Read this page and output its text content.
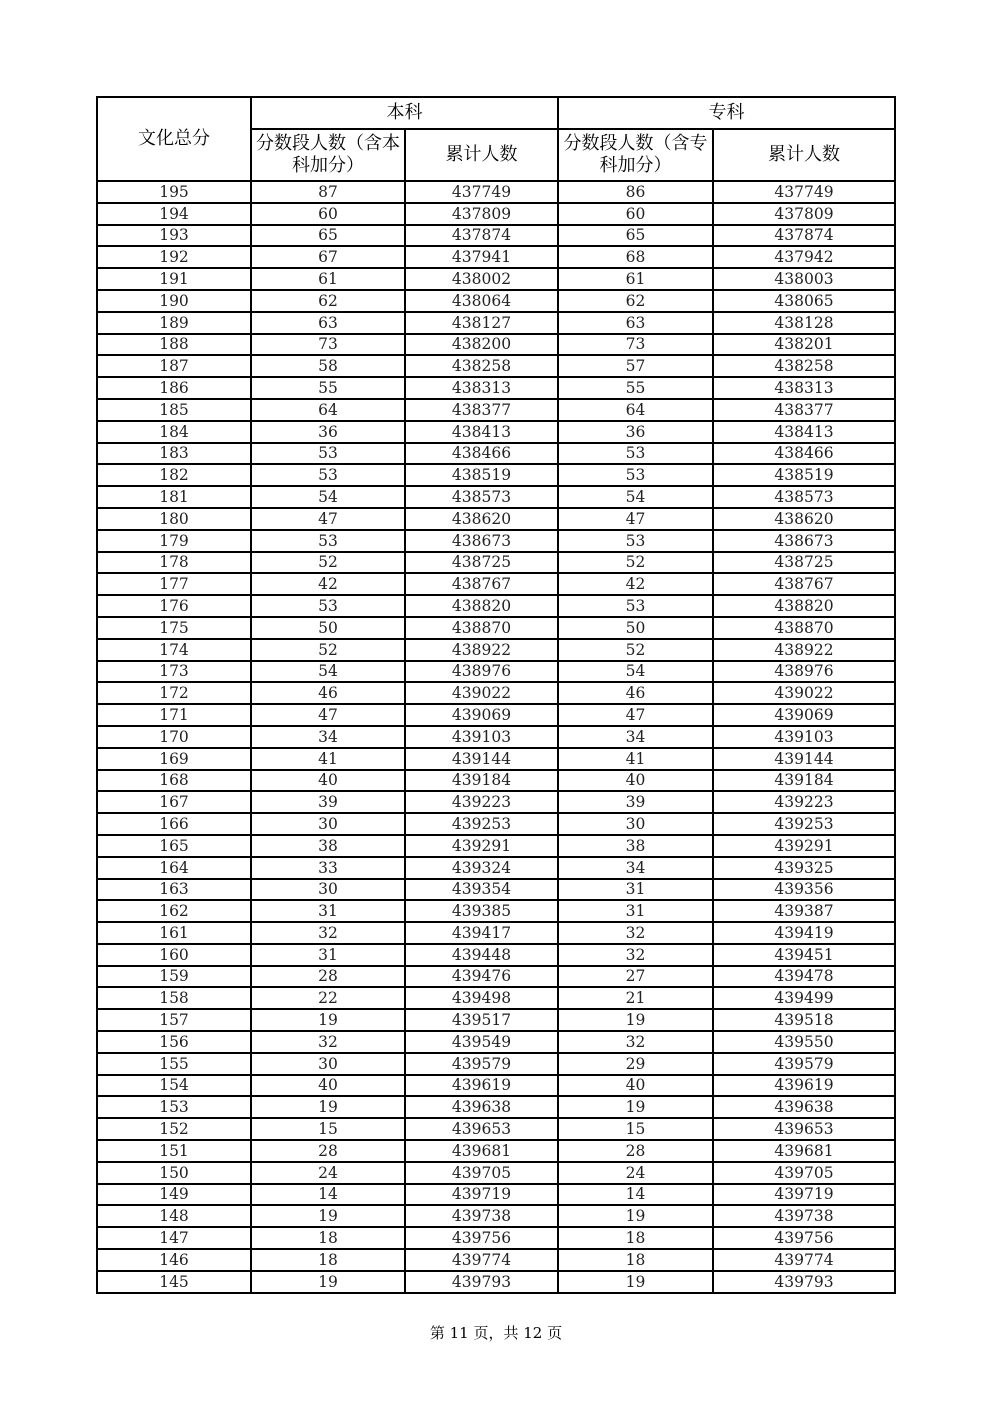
文化总分	本科		专科	
	分数段人数（含本科加分）	累计人数	分数段人数（含专科加分）	累计人数
195	87	437749	86	437749
194	60	437809	60	437809
193	65	437874	65	437874
192	67	437941	68	437942
191	61	438002	61	438003
190	62	438064	62	438065
189	63	438127	63	438128
188	73	438200	73	438201
187	58	438258	57	438258
186	55	438313	55	438313
185	64	438377	64	438377
184	36	438413	36	438413
183	53	438466	53	438466
182	53	438519	53	438519
181	54	438573	54	438573
180	47	438620	47	438620
179	53	438673	53	438673
178	52	438725	52	438725
177	42	438767	42	438767
176	53	438820	53	438820
175	50	438870	50	438870
174	52	438922	52	438922
173	54	438976	54	438976
172	46	439022	46	439022
171	47	439069	47	439069
170	34	439103	34	439103
169	41	439144	41	439144
168	40	439184	40	439184
167	39	439223	39	439223
166	30	439253	30	439253
165	38	439291	38	439291
164	33	439324	34	439325
163	30	439354	31	439356
162	31	439385	31	439387
161	32	439417	32	439419
160	31	439448	32	439451
159	28	439476	27	439478
158	22	439498	21	439499
157	19	439517	19	439518
156	32	439549	32	439550
155	30	439579	29	439579
154	40	439619	40	439619
153	19	439638	19	439638
152	15	439653	15	439653
151	28	439681	28	439681
150	24	439705	24	439705
149	14	439719	14	439719
148	19	439738	19	439738
147	18	439756	18	439756
146	18	439774	18	439774
145	19	439793	19	439793
第 11 页，共 12 页
